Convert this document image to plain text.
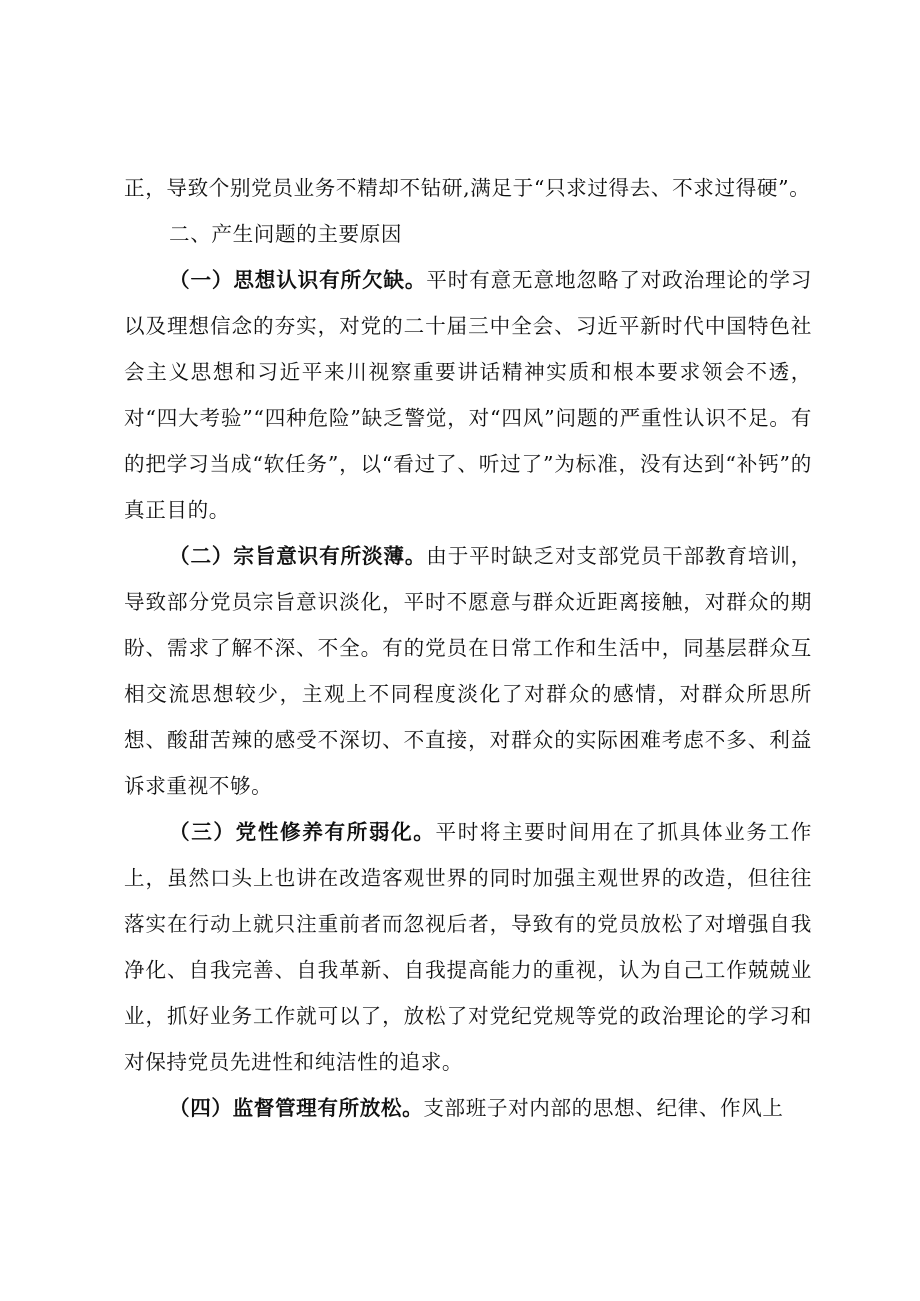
正，导致个别党员业务不精却不钻研,满足于“只求过得去、不求过得硬”。

二、产生问题的主要原因

（一）思想认识有所欠缺。平时有意无意地忽略了对政治理论的学习以及理想信念的夯实，对党的二十届三中全会、习近平新时代中国特色社会主义思想和习近平来川视察重要讲话精神实质和根本要求领会不透，对“四大考验”“四种危险”缺乏警觉，对“四风”问题的严重性认识不足。有的把学习当成“软任务”，以“看过了、听过了”为标准，没有达到“补钙”的真正目的。

（二）宗旨意识有所淡薄。由于平时缺乏对支部党员干部教育培训，导致部分党员宗旨意识淡化，平时不愿意与群众近距离接触，对群众的期盼、需求了解不深、不全。有的党员在日常工作和生活中，同基层群众互相交流思想较少，主观上不同程度淡化了对群众的感情，对群众所思所想、酸甜苦辣的感受不深切、不直接，对群众的实际困难考虑不多、利益诉求重视不够。

（三）党性修养有所弱化。平时将主要时间用在了抓具体业务工作上，虽然口头上也讲在改造客观世界的同时加强主观世界的改造，但往往落实在行动上就只注重前者而忽视后者，导致有的党员放松了对增强自我净化、自我完善、自我革新、自我提高能力的重视，认为自己工作兢兢业业，抓好业务工作就可以了，放松了对党纪党规等党的政治理论的学习和对保持党员先进性和纯洁性的追求。

（四）监督管理有所放松。支部班子对内部的思想、纪律、作风上
